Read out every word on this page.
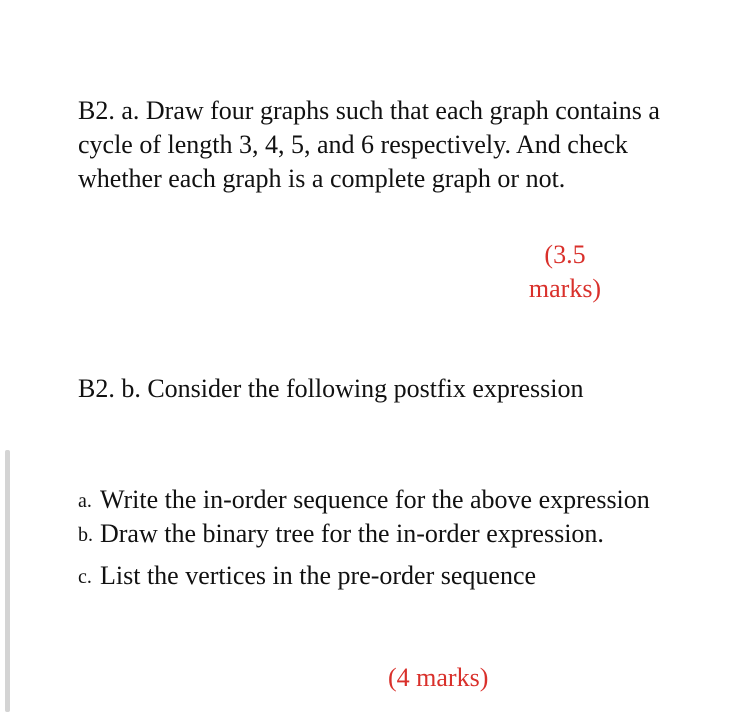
B2. a. Draw four graphs such that each graph contains a cycle of length 3, 4, 5, and 6 respectively. And check whether each graph is a complete graph or not.

(3.5
marks)

B2. b. Consider the following postfix expression

a. Write the in-order sequence for the above expression
b. Draw the binary tree for the in-order expression.
c. List the vertices in the pre-order sequence
(4 marks)
